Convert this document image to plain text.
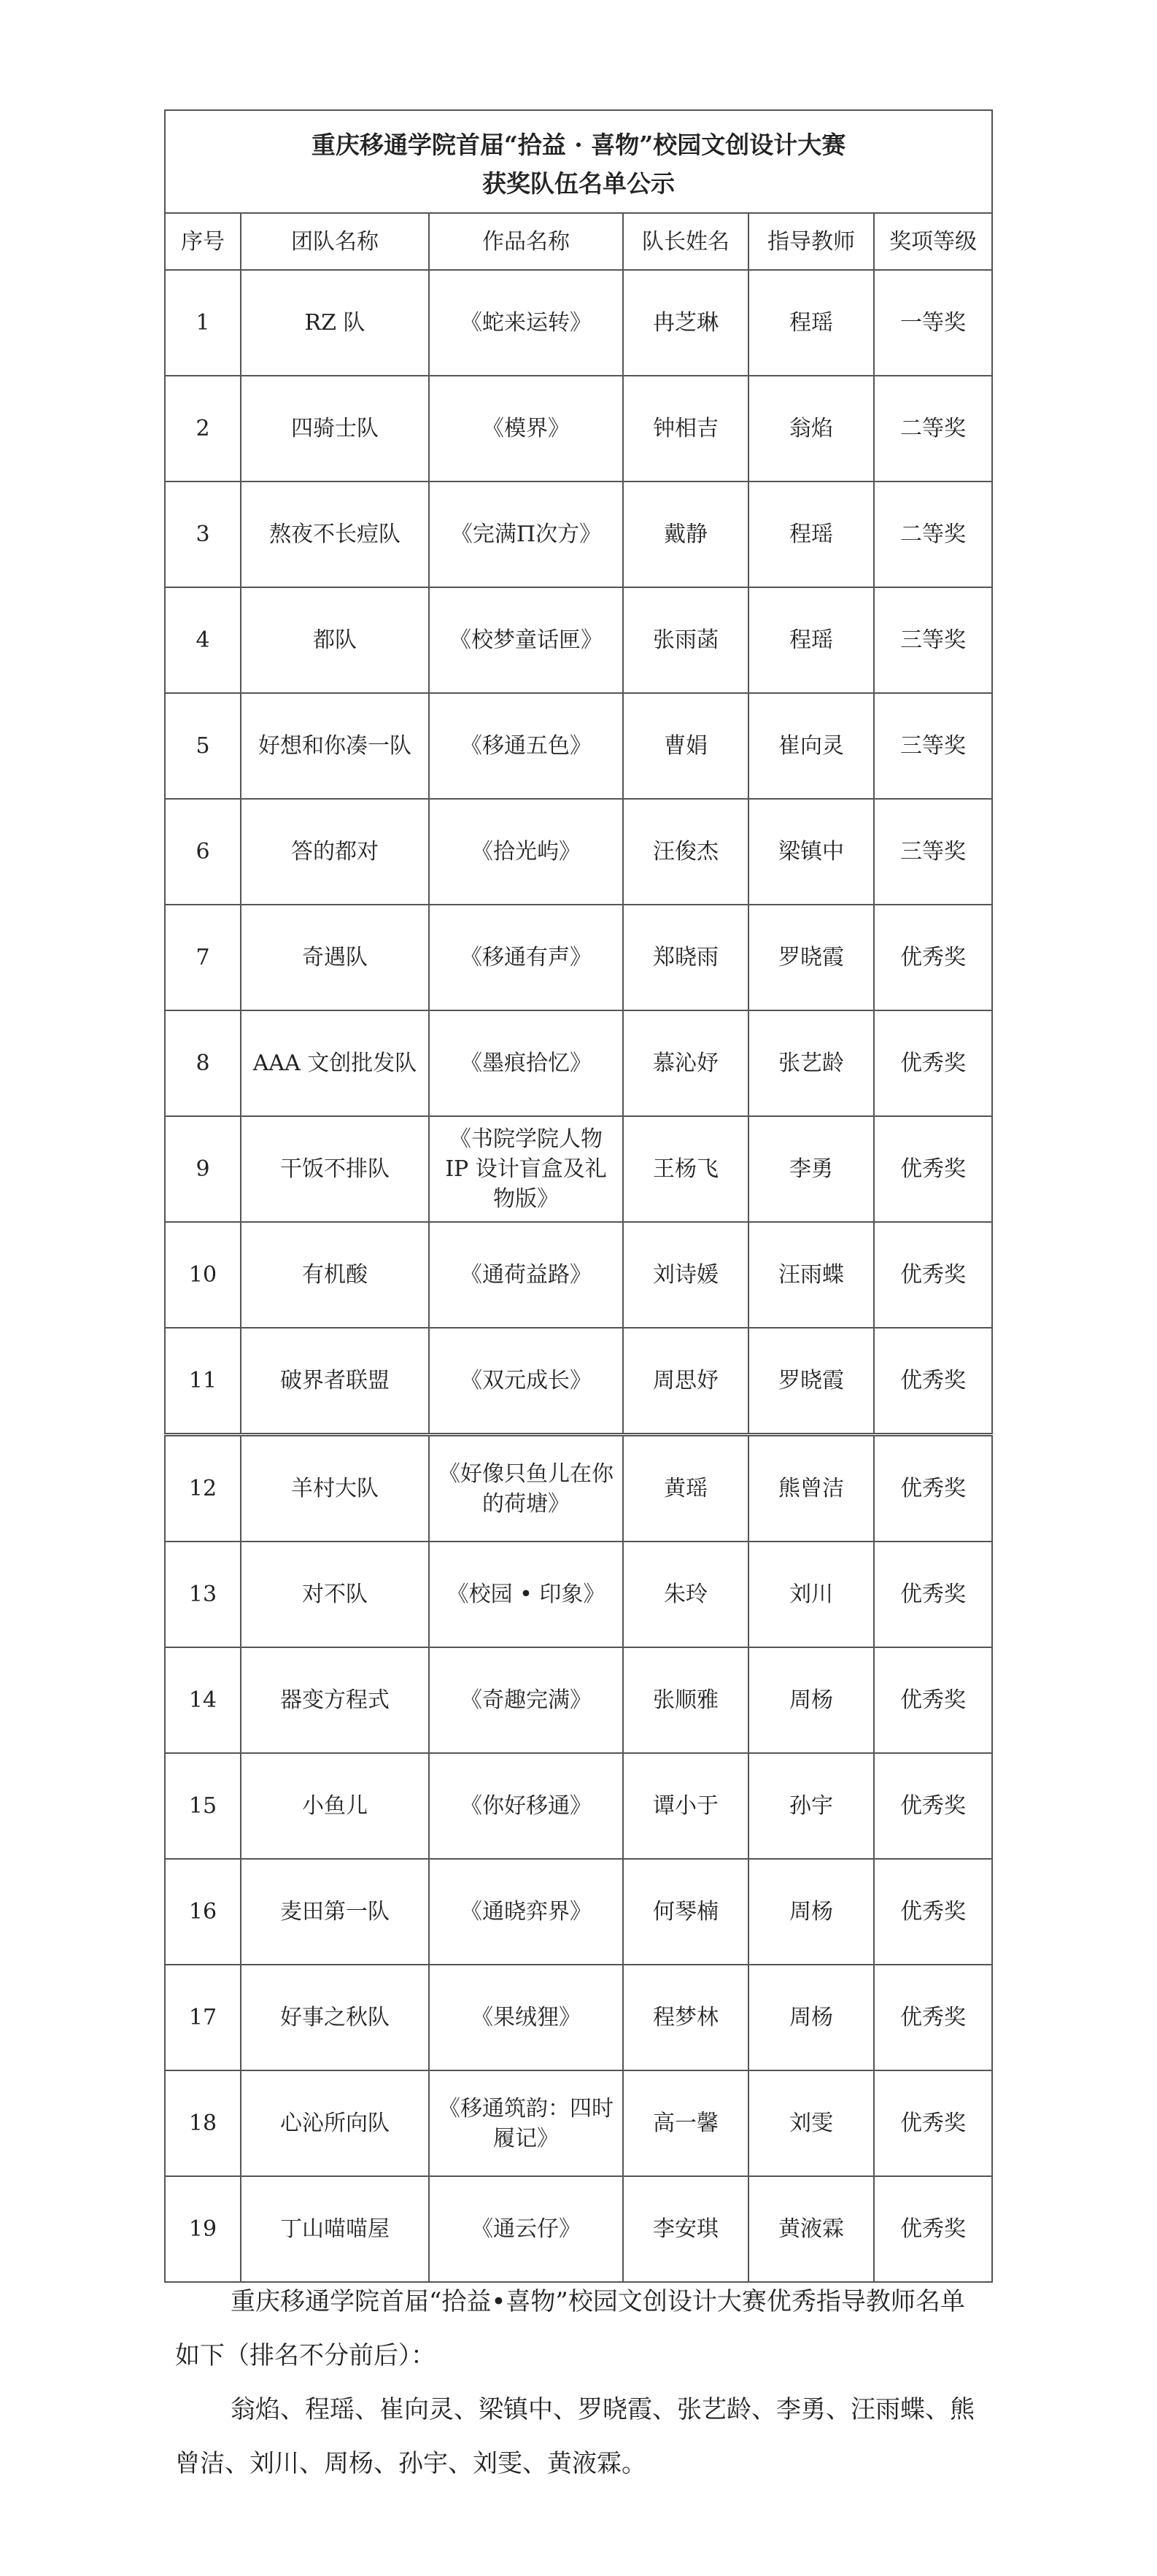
重庆移通学院首届“拾益 · 喜物”校园文创设计大赛
获奖队伍名单公示					

序号	团队名称	作品名称	队长姓名	指导教师	奖项等级
1	RZ 队	《蛇来运转》	冉芝琳	程瑶	一等奖
2	四骑士队	《模界》	钟相吉	翁焰	二等奖
3	熬夜不长痘队	《完满Π次方》	戴静	程瑶	二等奖
4	都队	《校梦童话匣》	张雨菡	程瑶	三等奖
5	好想和你凑一队	《移通五色》	曹娟	崔向灵	三等奖
6	答的都对	《拾光屿》	汪俊杰	梁镇中	三等奖
7	奇遇队	《移通有声》	郑晓雨	罗晓霞	优秀奖
8	AAA 文创批发队	《墨痕拾忆》	慕沁妤	张艺龄	优秀奖
9	干饭不排队	《书院学院人物 IP 设计盲盒及礼物版》	王杨飞	李勇	优秀奖
10	有机酸	《通荷益路》	刘诗媛	汪雨蝶	优秀奖
11	破界者联盟	《双元成长》	周思妤	罗晓霞	优秀奖
12	羊村大队	《好像只鱼儿在你的荷塘》	黄瑶	熊曾洁	优秀奖
13	对不队	《校园 • 印象》	朱玲	刘川	优秀奖
14	器变方程式	《奇趣完满》	张顺雅	周杨	优秀奖
15	小鱼儿	《你好移通》	谭小于	孙宇	优秀奖
16	麦田第一队	《通晓弈界》	何琴楠	周杨	优秀奖
17	好事之秋队	《果绒狸》	程梦林	周杨	优秀奖
18	心沁所向队	《移通筑韵：四时履记》	高一馨	刘雯	优秀奖
19	丁山喵喵屋	《通云仔》	李安琪	黄液霖	优秀奖
重庆移通学院首届“拾益•喜物”校园文创设计大赛优秀指导教师名单如下（排名不分前后）：
翁焰、程瑶、崔向灵、梁镇中、罗晓霞、张艺龄、李勇、汪雨蝶、熊曾洁、刘川、周杨、孙宇、刘雯、黄液霖。
